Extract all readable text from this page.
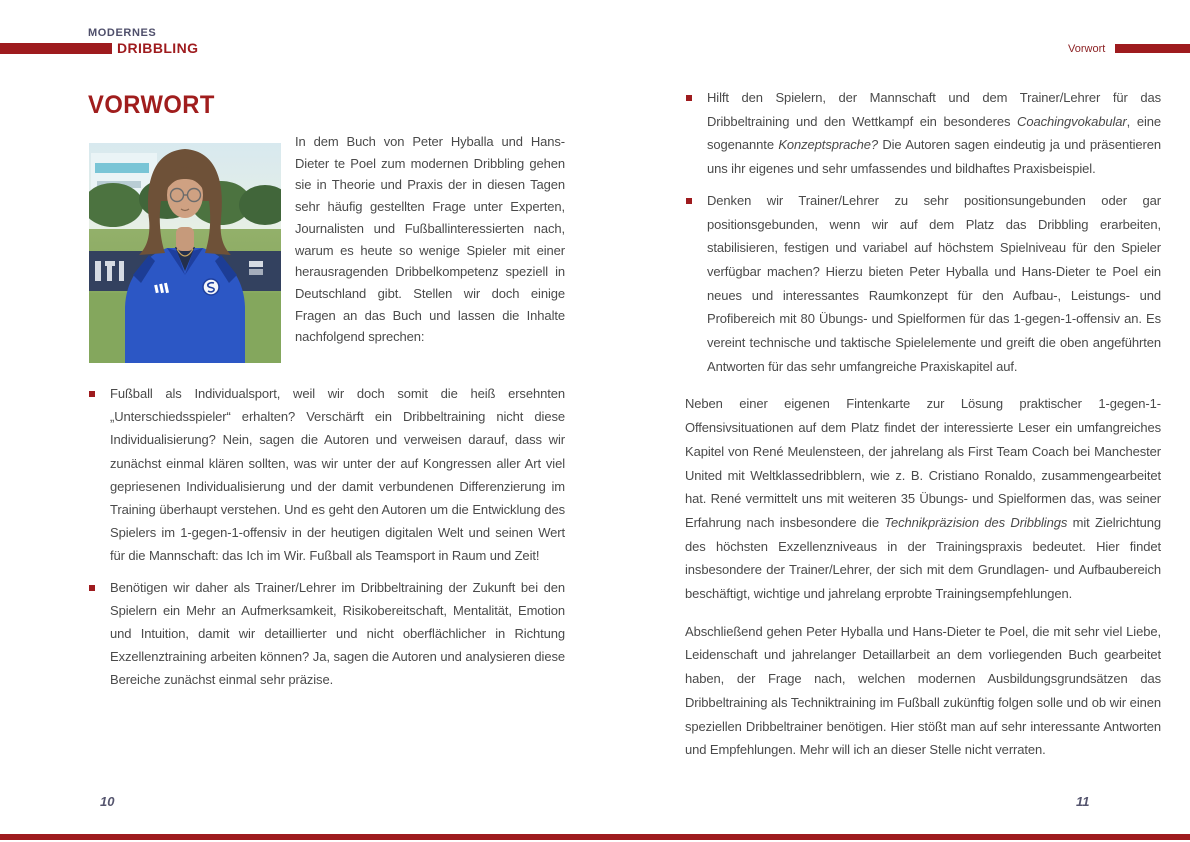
MODERNES
DRIBBLING	Vorwort
VORWORT

In dem Buch von Peter Hyballa und Hans-Dieter te Poel zum modernen Dribbling gehen sie in Theorie und Praxis der in diesen Tagen sehr häufig gestellten Frage unter Experten, Journalisten und Fußballinteressierten nach, warum es heute so wenige Spieler mit einer herausragenden Dribbelkompetenz speziell in Deutschland gibt. Stellen wir doch einige Fragen an das Buch und lassen die Inhalte nachfolgend sprechen:

Fußball als Individualsport, weil wir doch somit die heiß ersehnten „Unterschiedsspieler“ erhalten? Verschärft ein Dribbeltraining nicht diese Individualisierung? Nein, sagen die Autoren und verweisen darauf, dass wir zunächst einmal klären sollten, was wir unter der auf Kongressen aller Art viel gepriesenen Individualisierung und der damit verbundenen Differenzierung im Training überhaupt verstehen. Und es geht den Autoren um die Entwicklung des Spielers im 1-gegen-1-offensiv in der heutigen digitalen Welt und seinen Wert für die Mannschaft: das Ich im Wir. Fußball als Teamsport in Raum und Zeit!

Benötigen wir daher als Trainer/Lehrer im Dribbeltraining der Zukunft bei den Spielern ein Mehr an Aufmerksamkeit, Risikobereitschaft, Mentalität, Emotion und Intuition, damit wir detaillierter und nicht oberflächlicher in Richtung Exzellenztraining arbeiten können? Ja, sagen die Autoren und analysieren diese Bereiche zunächst einmal sehr präzise.

Hilft den Spielern, der Mannschaft und dem Trainer/Lehrer für das Dribbeltraining und den Wettkampf ein besonderes Coachingvokabular, eine sogenannte Konzeptsprache? Die Autoren sagen eindeutig ja und präsentieren uns ihr eigenes und sehr umfassendes und bildhaftes Praxisbeispiel.

Denken wir Trainer/Lehrer zu sehr positionsungebunden oder gar positionsgebunden, wenn wir auf dem Platz das Dribbling erarbeiten, stabilisieren, festigen und variabel auf höchstem Spielniveau für den Spieler verfügbar machen? Hierzu bieten Peter Hyballa und Hans-Dieter te Poel ein neues und interessantes Raumkonzept für den Aufbau-, Leistungs- und Profibereich mit 80 Übungs- und Spielformen für das 1-gegen-1-offensiv an. Es vereint technische und taktische Spielelemente und greift die oben angeführten Antworten für das sehr umfangreiche Praxiskapitel auf.

Neben einer eigenen Fintenkarte zur Lösung praktischer 1-gegen-1-Offensivsituationen auf dem Platz findet der interessierte Leser ein umfangreiches Kapitel von René Meulensteen, der jahrelang als First Team Coach bei Manchester United mit Weltklassedribblern, wie z. B. Cristiano Ronaldo, zusammengearbeitet hat. René vermittelt uns mit weiteren 35 Übungs- und Spielformen das, was seiner Erfahrung nach insbesondere die Technikpräzision des Dribblings mit Zielrichtung des höchsten Exzellenzniveaus in der Trainingspraxis bedeutet. Hier findet insbesondere der Trainer/Lehrer, der sich mit dem Grundlagen- und Aufbaubereich beschäftigt, wichtige und jahrelang erprobte Trainingsempfehlungen.

Abschließend gehen Peter Hyballa und Hans-Dieter te Poel, die mit sehr viel Liebe, Leidenschaft und jahrelanger Detaillarbeit an dem vorliegenden Buch gearbeitet haben, der Frage nach, welchen modernen Ausbildungsgrundsätzen das Dribbeltraining als Techniktraining im Fußball zukünftig folgen solle und ob wir einen speziellen Dribbeltrainer benötigen. Hier stößt man auf sehr interessante Antworten und Empfehlungen. Mehr will ich an dieser Stelle nicht verraten.

10	11
